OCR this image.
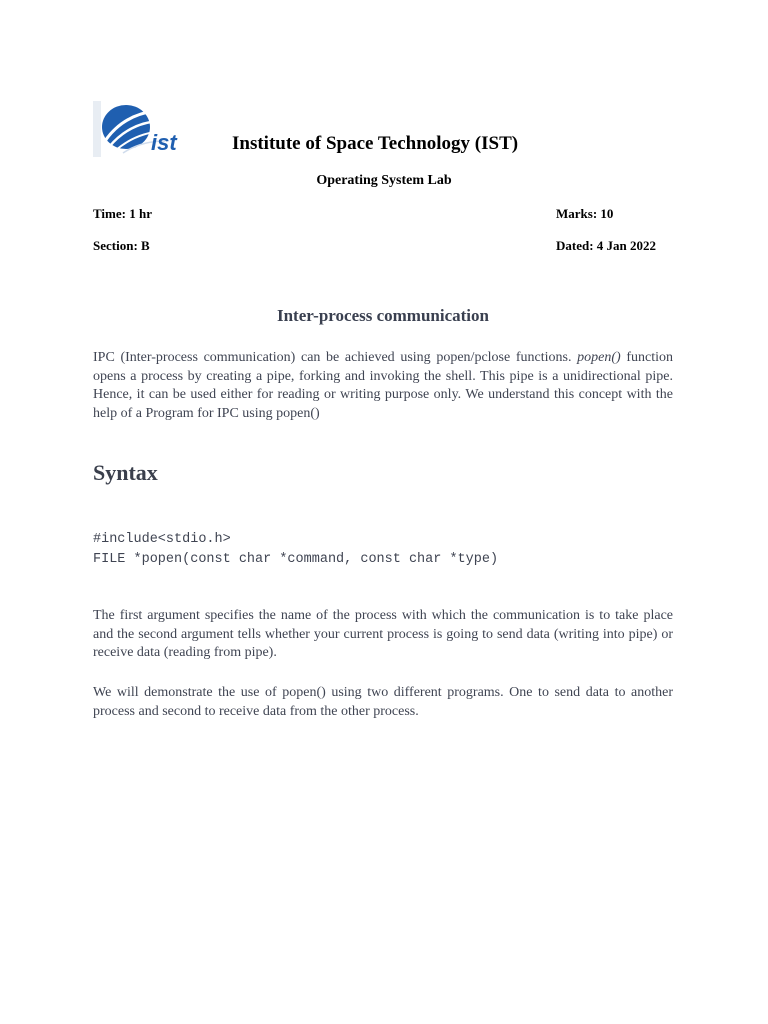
ist	Institute of Space Technology (IST)
Operating System Lab
Time: 1 hr	Marks: 10
Section: B	Dated: 4 Jan 2022
Inter-process communication
IPC (Inter-process communication) can be achieved using popen/pclose functions. popen() function opens a process by creating a pipe, forking and invoking the shell. This pipe is a unidirectional pipe. Hence, it can be used either for reading or writing purpose only. We understand this concept with the help of a Program for IPC using popen()
Syntax

#include<stdio.h>
FILE *popen(const char *command, const char *type)
The first argument specifies the name of the process with which the communication is to take place and the second argument tells whether your current process is going to send data (writing into pipe) or receive data (reading from pipe).
We will demonstrate the use of popen() using two different programs. One to send data to another process and second to receive data from the other process.
